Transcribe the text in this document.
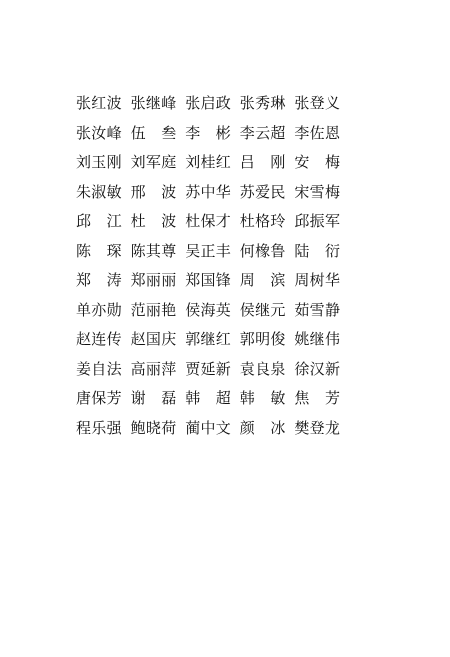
张红波 张继峰 张启政 张秀琳 张登义
张汝峰 伍　叁 李　彬 李云超 李佐恩
刘玉刚 刘军庭 刘桂红 吕　刚 安　梅
朱淑敏 邢　波 苏中华 苏爱民 宋雪梅
邱　江 杜　波 杜保才 杜格玲 邱振军
陈　琛 陈其尊 吴正丰 何橡鲁 陆　衍
郑　涛 郑丽丽 郑国锋 周　滨 周树华
单亦勋 范丽艳 侯海英 侯继元 茹雪静
赵连传 赵国庆 郭继红 郭明俊 姚继伟
姜自法 高丽萍 贾延新 袁良泉 徐汉新
唐保芳 谢　磊 韩　超 韩　敏 焦　芳
程乐强 鲍晓荷 蔺中文 颜　冰 樊登龙
